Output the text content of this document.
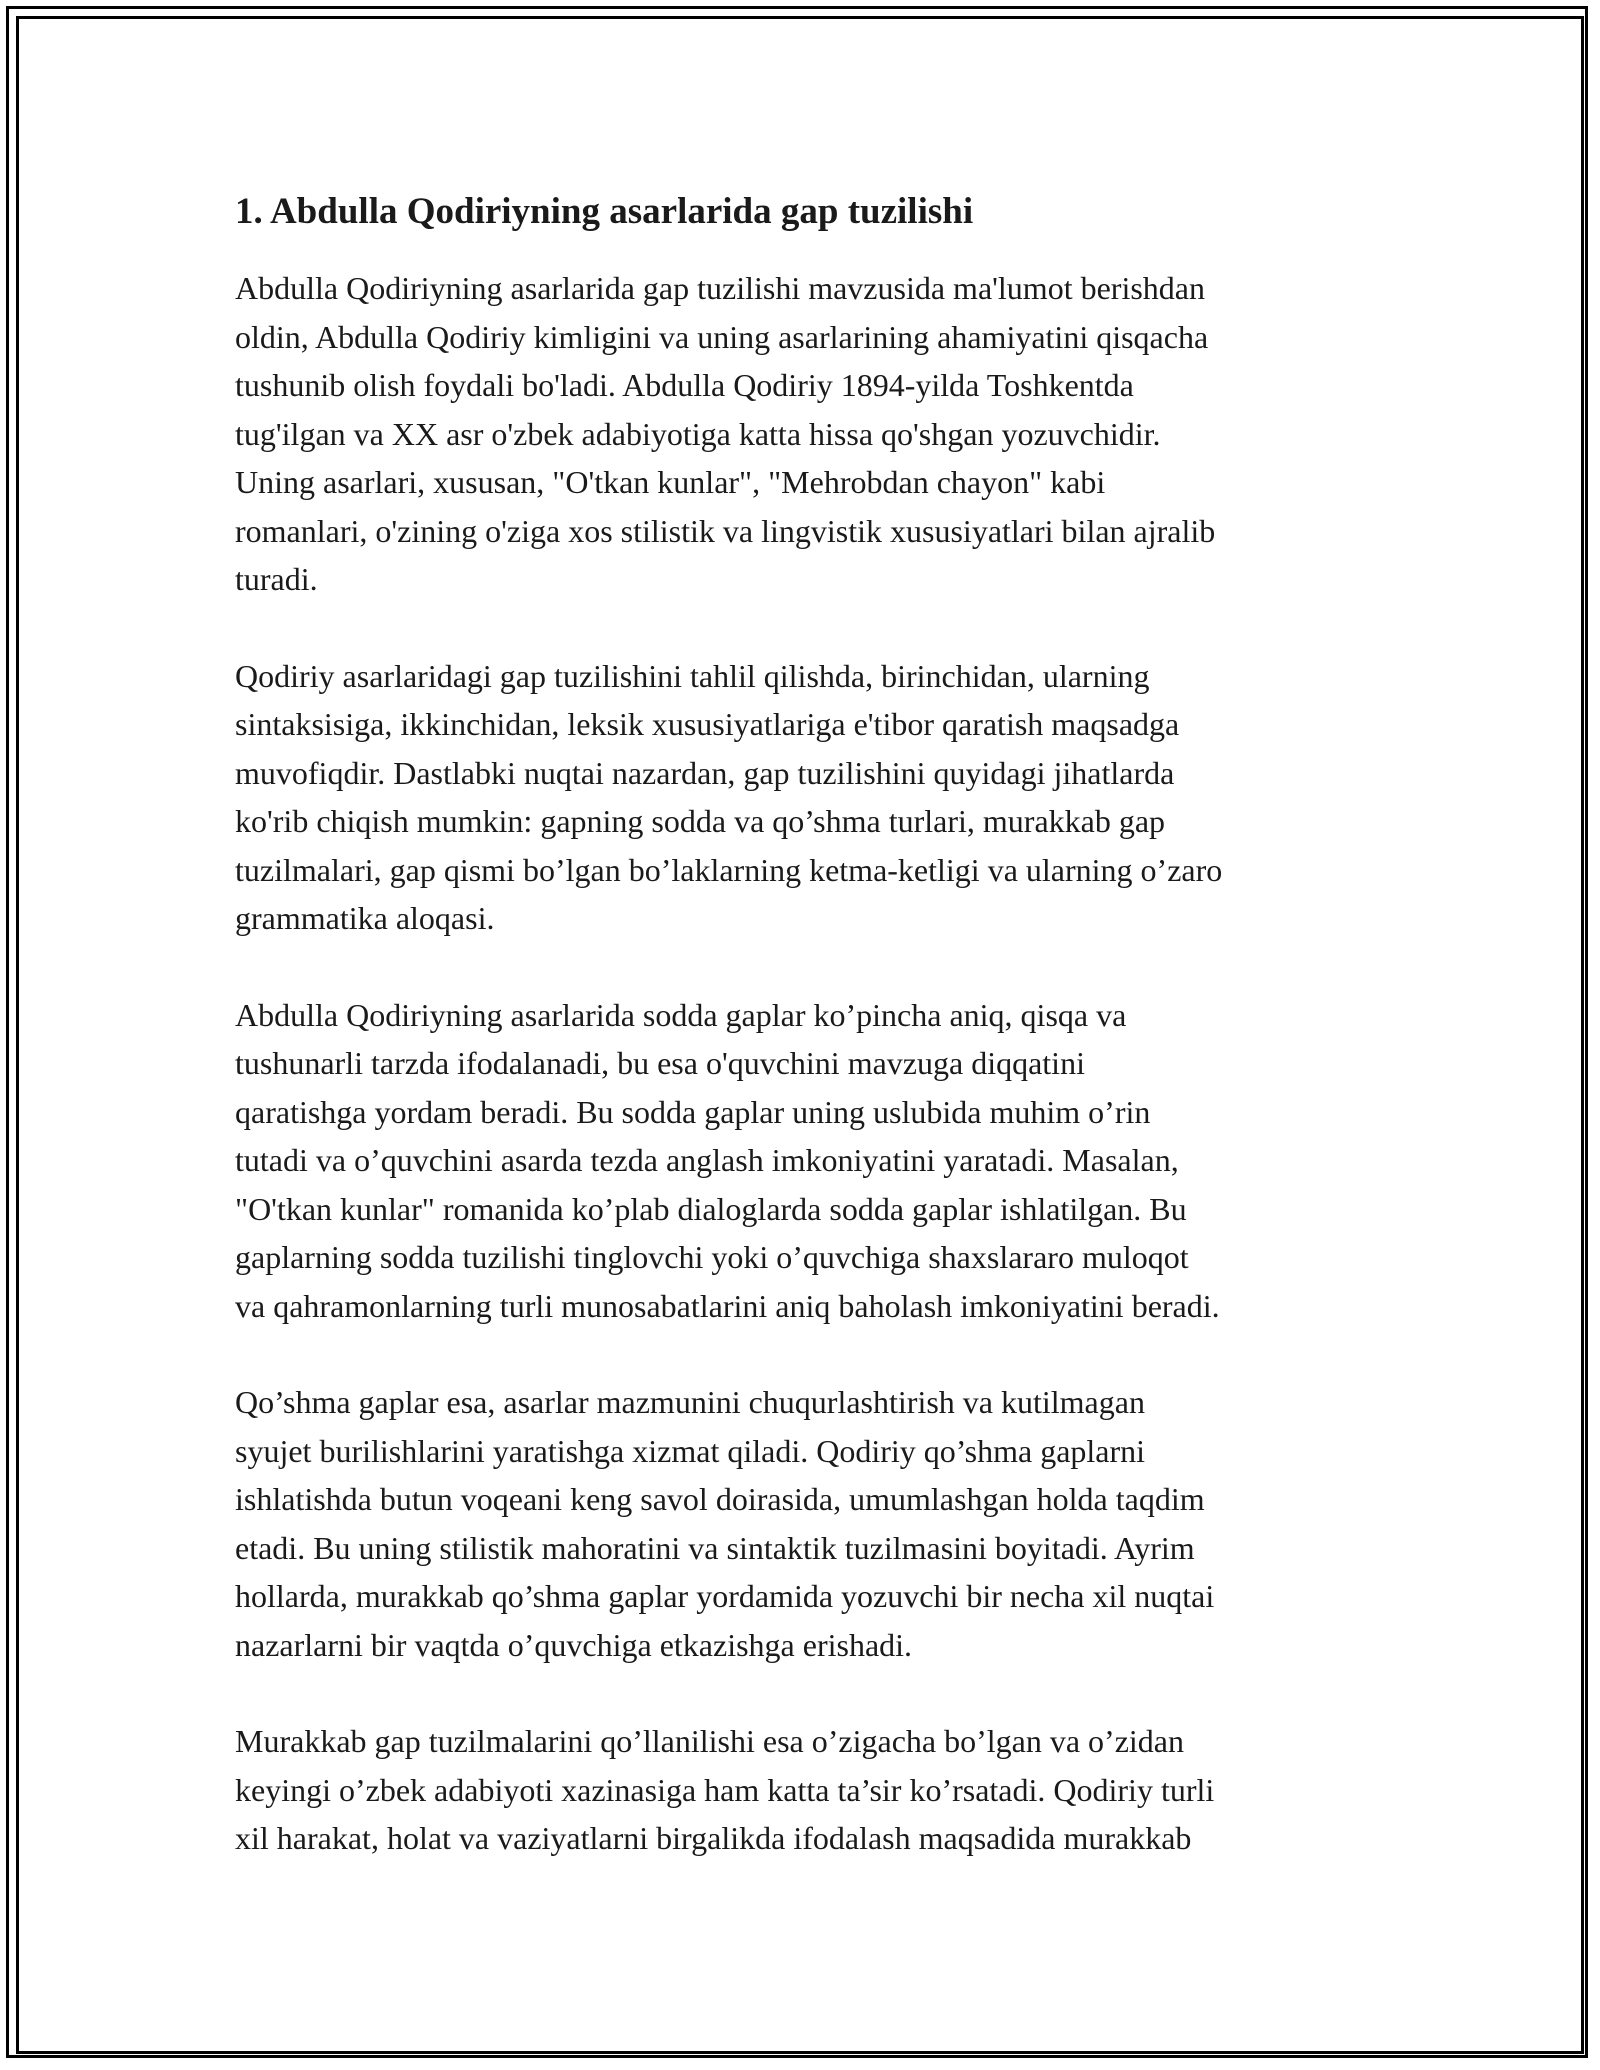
1. Abdulla Qodiriyning asarlarida gap tuzilishi

Abdulla Qodiriyning asarlarida gap tuzilishi mavzusida ma'lumot berishdan
oldin, Abdulla Qodiriy kimligini va uning asarlarining ahamiyatini qisqacha
tushunib olish foydali bo'ladi. Abdulla Qodiriy 1894-yilda Toshkentda
tug'ilgan va XX asr o'zbek adabiyotiga katta hissa qo'shgan yozuvchidir.
Uning asarlari, xususan, "O'tkan kunlar", "Mehrobdan chayon" kabi
romanlari, o'zining o'ziga xos stilistik va lingvistik xususiyatlari bilan ajralib
turadi.

Qodiriy asarlaridagi gap tuzilishini tahlil qilishda, birinchidan, ularning
sintaksisiga, ikkinchidan, leksik xususiyatlariga e'tibor qaratish maqsadga
muvofiqdir. Dastlabki nuqtai nazardan, gap tuzilishini quyidagi jihatlarda
ko'rib chiqish mumkin: gapning sodda va qo’shma turlari, murakkab gap
tuzilmalari, gap qismi bo’lgan bo’laklarning ketma-ketligi va ularning o’zaro
grammatika aloqasi.

Abdulla Qodiriyning asarlarida sodda gaplar ko’pincha aniq, qisqa va
tushunarli tarzda ifodalanadi, bu esa o'quvchini mavzuga diqqatini
qaratishga yordam beradi. Bu sodda gaplar uning uslubida muhim o’rin
tutadi va o’quvchini asarda tezda anglash imkoniyatini yaratadi. Masalan,
"O'tkan kunlar" romanida ko’plab dialoglarda sodda gaplar ishlatilgan. Bu
gaplarning sodda tuzilishi tinglovchi yoki o’quvchiga shaxslararo muloqot
va qahramonlarning turli munosabatlarini aniq baholash imkoniyatini beradi.

Qo’shma gaplar esa, asarlar mazmunini chuqurlashtirish va kutilmagan
syujet burilishlarini yaratishga xizmat qiladi. Qodiriy qo’shma gaplarni
ishlatishda butun voqeani keng savol doirasida, umumlashgan holda taqdim
etadi. Bu uning stilistik mahoratini va sintaktik tuzilmasini boyitadi. Ayrim
hollarda, murakkab qo’shma gaplar yordamida yozuvchi bir necha xil nuqtai
nazarlarni bir vaqtda o’quvchiga etkazishga erishadi.

Murakkab gap tuzilmalarini qo’llanilishi esa o’zigacha bo’lgan va o’zidan
keyingi o’zbek adabiyoti xazinasiga ham katta ta’sir ko’rsatadi. Qodiriy turli
xil harakat, holat va vaziyatlarni birgalikda ifodalash maqsadida murakkab
